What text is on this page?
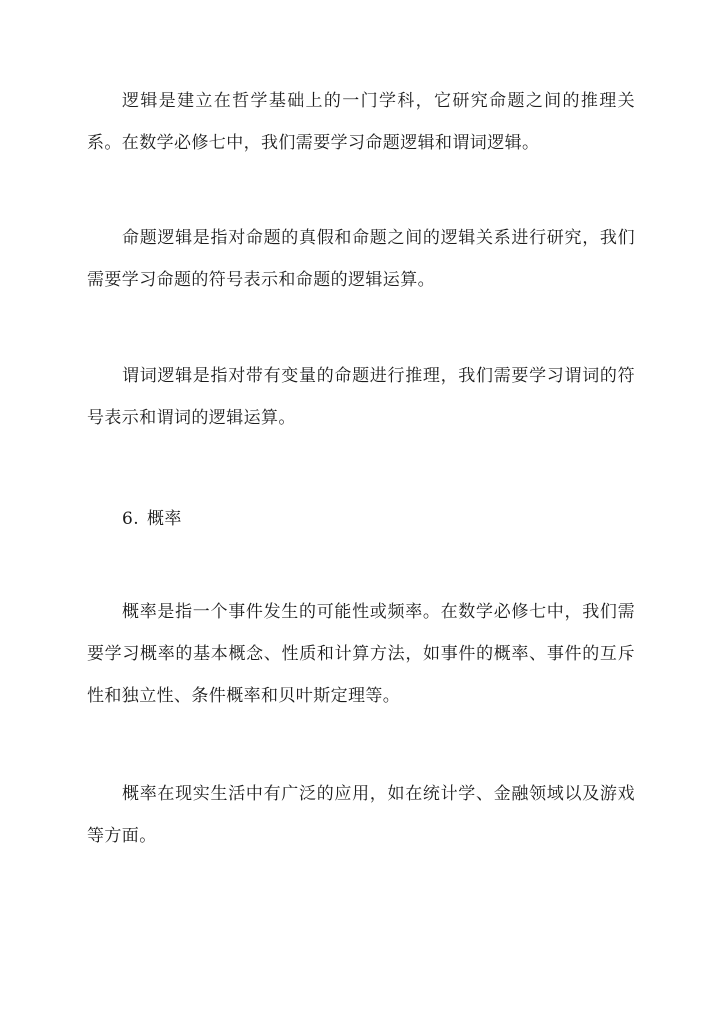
逻辑是建立在哲学基础上的一门学科，它研究命题之间的推理关系。在数学必修七中，我们需要学习命题逻辑和谓词逻辑。

命题逻辑是指对命题的真假和命题之间的逻辑关系进行研究，我们需要学习命题的符号表示和命题的逻辑运算。

谓词逻辑是指对带有变量的命题进行推理，我们需要学习谓词的符号表示和谓词的逻辑运算。

6. 概率

概率是指一个事件发生的可能性或频率。在数学必修七中，我们需要学习概率的基本概念、性质和计算方法，如事件的概率、事件的互斥性和独立性、条件概率和贝叶斯定理等。

概率在现实生活中有广泛的应用，如在统计学、金融领域以及游戏等方面。
